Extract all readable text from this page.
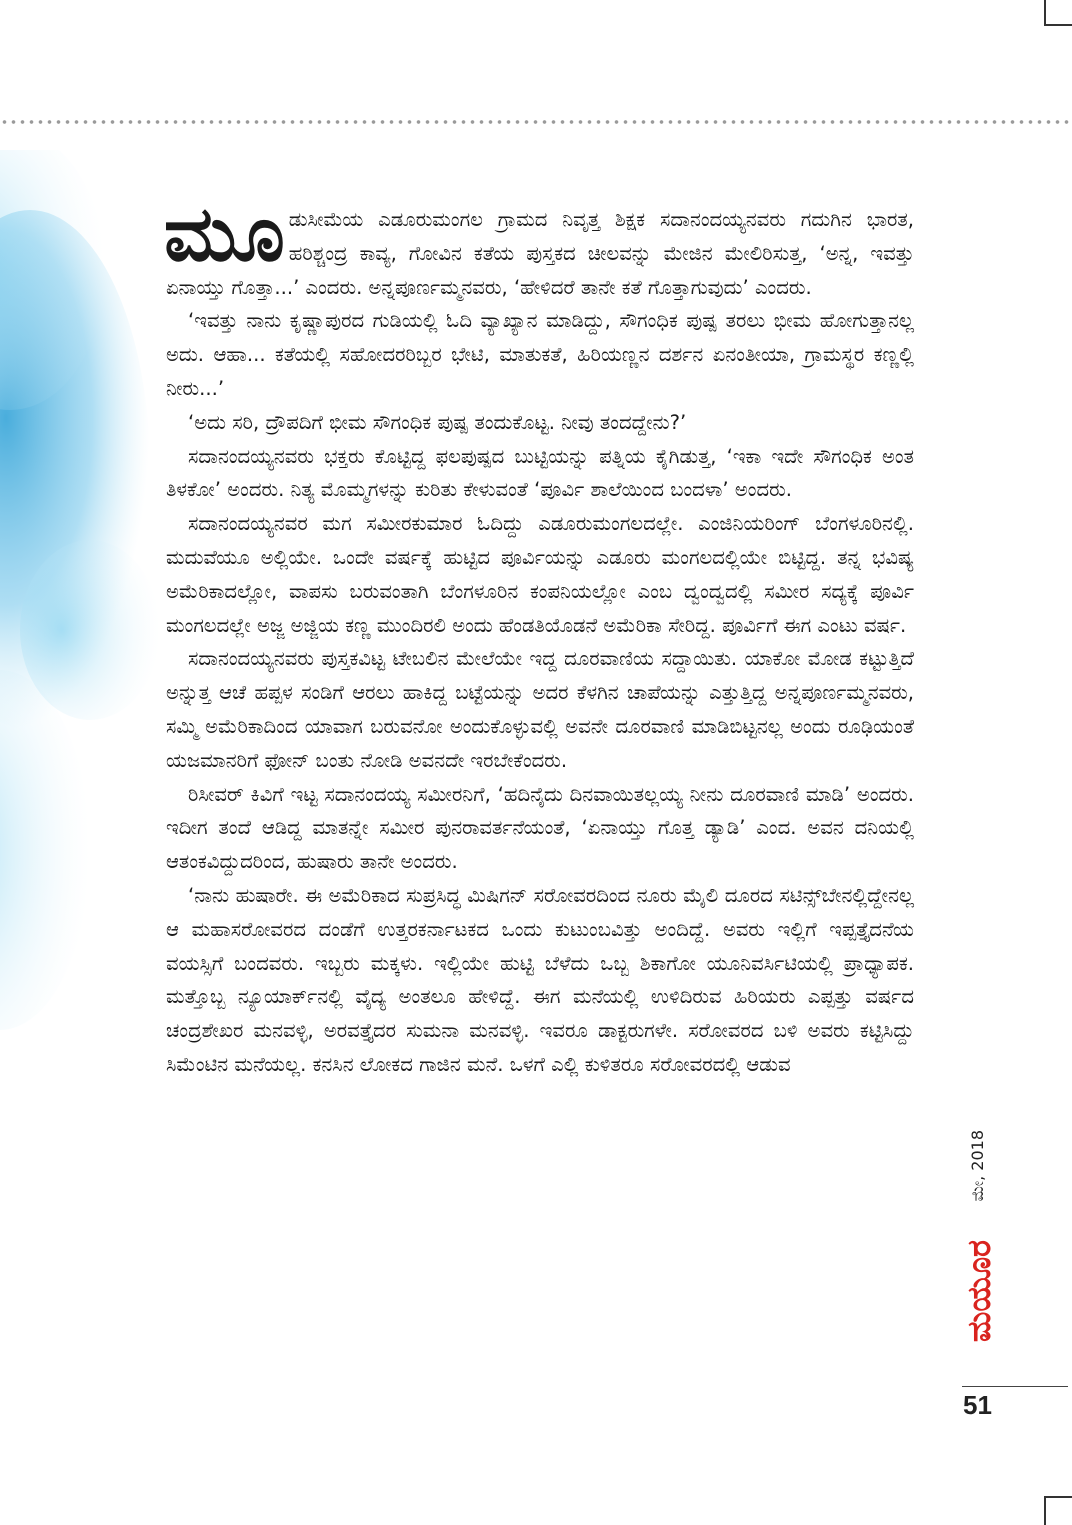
ಮೂಡುಸೀಮೆಯ ಎಡೂರುಮಂಗಲ ಗ್ರಾಮದ ನಿವೃತ್ತ ಶಿಕ್ಷಕ ಸದಾನಂದಯ್ಯನವರು ಗದುಗಿನ ಭಾರತ, ಹರಿಶ್ಚಂದ್ರ ಕಾವ್ಯ, ಗೋವಿನ ಕತೆಯ ಪುಸ್ತಕದ ಚೀಲವನ್ನು ಮೇಜಿನ ಮೇಲಿರಿಸುತ್ತ, ‘ಅನ್ನ, ಇವತ್ತು ಏನಾಯ್ತು ಗೊತ್ತಾ...’ ಎಂದರು. ಅನ್ನಪೂರ್ಣಮ್ಮನವರು, ‘ಹೇಳಿದರೆ ತಾನೇ ಕತೆ ಗೊತ್ತಾಗುವುದು’ ಎಂದರು.

‘ಇವತ್ತು ನಾನು ಕೃಷ್ಣಾಪುರದ ಗುಡಿಯಲ್ಲಿ ಓದಿ ವ್ಯಾಖ್ಯಾನ ಮಾಡಿದ್ದು, ಸೌಗಂಧಿಕ ಪುಷ್ಪ ತರಲು ಭೀಮ ಹೋಗುತ್ತಾನಲ್ಲ ಅದು. ಆಹಾ... ಕತೆಯಲ್ಲಿ ಸಹೋದರರಿಬ್ಬರ ಭೇಟಿ, ಮಾತುಕತೆ, ಹಿರಿಯಣ್ಣನ ದರ್ಶನ ಏನಂತೀಯಾ, ಗ್ರಾಮಸ್ಥರ ಕಣ್ಣಲ್ಲಿ ನೀರು...’

‘ಅದು ಸರಿ, ದ್ರೌಪದಿಗೆ ಭೀಮ ಸೌಗಂಧಿಕ ಪುಷ್ಪ ತಂದುಕೊಟ್ಟ. ನೀವು ತಂದದ್ದೇನು?’

ಸದಾನಂದಯ್ಯನವರು ಭಕ್ತರು ಕೊಟ್ಟಿದ್ದ ಫಲಪುಷ್ಪದ ಬುಟ್ಟಿಯನ್ನು ಪತ್ನಿಯ ಕೈಗಿಡುತ್ತ, ‘ಇಕಾ ಇದೇ ಸೌಗಂಧಿಕ ಅಂತ ತಿಳಕೋ’ ಅಂದರು. ನಿತ್ಯ ಮೊಮ್ಮಗಳನ್ನು ಕುರಿತು ಕೇಳುವಂತೆ ‘ಪೂರ್ವಿ ಶಾಲೆಯಿಂದ ಬಂದಳಾ’ ಅಂದರು.

ಸದಾನಂದಯ್ಯನವರ ಮಗ ಸಮೀರಕುಮಾರ ಓದಿದ್ದು ಎಡೂರುಮಂಗಲದಲ್ಲೇ. ಎಂಜಿನಿಯರಿಂಗ್ ಬೆಂಗಳೂರಿನಲ್ಲಿ. ಮದುವೆಯೂ ಅಲ್ಲಿಯೇ. ಒಂದೇ ವರ್ಷಕ್ಕೆ ಹುಟ್ಟಿದ ಪೂರ್ವಿಯನ್ನು ಎಡೂರು ಮಂಗಲದಲ್ಲಿಯೇ ಬಿಟ್ಟಿದ್ದ. ತನ್ನ ಭವಿಷ್ಯ ಅಮೆರಿಕಾದಲ್ಲೋ, ವಾಪಸು ಬರುವಂತಾಗಿ ಬೆಂಗಳೂರಿನ ಕಂಪನಿಯಲ್ಲೋ ಎಂಬ ದ್ವಂದ್ವದಲ್ಲಿ ಸಮೀರ ಸದ್ಯಕ್ಕೆ ಪೂರ್ವಿ ಮಂಗಲದಲ್ಲೇ ಅಜ್ಜ ಅಜ್ಜಿಯ ಕಣ್ಣ ಮುಂದಿರಲಿ ಅಂದು ಹೆಂಡತಿಯೊಡನೆ ಅಮೆರಿಕಾ ಸೇರಿದ್ದ. ಪೂರ್ವಿಗೆ ಈಗ ಎಂಟು ವರ್ಷ.

ಸದಾನಂದಯ್ಯನವರು ಪುಸ್ತಕವಿಟ್ಟ ಟೇಬಲಿನ ಮೇಲೆಯೇ ಇದ್ದ ದೂರವಾಣಿಯ ಸದ್ದಾಯಿತು. ಯಾಕೋ ಮೋಡ ಕಟ್ಟುತ್ತಿದೆ ಅನ್ನುತ್ತ ಆಚೆ ಹಪ್ಪಳ ಸಂಡಿಗೆ ಆರಲು ಹಾಕಿದ್ದ ಬಟ್ಟೆಯನ್ನು ಅದರ ಕೆಳಗಿನ ಚಾಪೆಯನ್ನು ಎತ್ತುತ್ತಿದ್ದ ಅನ್ನಪೂರ್ಣಮ್ಮನವರು, ಸಮ್ಮಿ ಅಮೆರಿಕಾದಿಂದ ಯಾವಾಗ ಬರುವನೋ ಅಂದುಕೊಳ್ಳುವಲ್ಲಿ ಅವನೇ ದೂರವಾಣಿ ಮಾಡಿಬಿಟ್ಟನಲ್ಲ ಅಂದು ರೂಢಿಯಂತೆ ಯಜಮಾನರಿಗೆ ಫೋನ್ ಬಂತು ನೋಡಿ ಅವನದೇ ಇರಬೇಕೆಂದರು.

ರಿಸೀವರ್ ಕಿವಿಗೆ ಇಟ್ಟ ಸದಾನಂದಯ್ಯ ಸಮೀರನಿಗೆ, ‘ಹದಿನೈದು ದಿನವಾಯಿತಲ್ಲಯ್ಯ ನೀನು ದೂರವಾಣಿ ಮಾಡಿ’ ಅಂದರು. ಇದೀಗ ತಂದೆ ಆಡಿದ್ದ ಮಾತನ್ನೇ ಸಮೀರ ಪುನರಾವರ್ತನೆಯಂತೆ, ‘ಏನಾಯ್ತು ಗೊತ್ತ ಡ್ಯಾಡಿ’ ಎಂದ. ಅವನ ದನಿಯಲ್ಲಿ ಆತಂಕವಿದ್ದುದರಿಂದ, ಹುಷಾರು ತಾನೇ ಅಂದರು.

‘ನಾನು ಹುಷಾರೇ. ಈ ಅಮೆರಿಕಾದ ಸುಪ್ರಸಿದ್ಧ ಮಿಷಿಗನ್ ಸರೋವರದಿಂದ ನೂರು ಮೈಲಿ ದೂರದ ಸಟಿನ್ಸ್‌ಬೇನಲ್ಲಿದ್ದೇನಲ್ಲ ಆ ಮಹಾಸರೋವರದ ದಂಡೆಗೆ ಉತ್ತರಕರ್ನಾಟಕದ ಒಂದು ಕುಟುಂಬವಿತ್ತು ಅಂದಿದ್ದೆ. ಅವರು ಇಲ್ಲಿಗೆ ಇಪ್ಪತ್ತೈದನೆಯ ವಯಸ್ಸಿಗೆ ಬಂದವರು. ಇಬ್ಬರು ಮಕ್ಕಳು. ಇಲ್ಲಿಯೇ ಹುಟ್ಟಿ ಬೆಳೆದು ಒಬ್ಬ ಶಿಕಾಗೋ ಯೂನಿವರ್ಸಿಟಿಯಲ್ಲಿ ಪ್ರಾಧ್ಯಾಪಕ. ಮತ್ತೊಬ್ಬ ನ್ಯೂಯಾರ್ಕ್‌ನಲ್ಲಿ ವೈದ್ಯ ಅಂತಲೂ ಹೇಳಿದ್ದೆ. ಈಗ ಮನೆಯಲ್ಲಿ ಉಳಿದಿರುವ ಹಿರಿಯರು ಎಪ್ಪತ್ತು ವರ್ಷದ ಚಂದ್ರಶೇಖರ ಮನವಳ್ಳಿ, ಅರವತ್ತೈದರ ಸುಮನಾ ಮನವಳ್ಳಿ. ಇವರೂ ಡಾಕ್ಟರುಗಳೇ. ಸರೋವರದ ಬಳಿ ಅವರು ಕಟ್ಟಿಸಿದ್ದು ಸಿಮೆಂಟಿನ ಮನೆಯಲ್ಲ. ಕನಸಿನ ಲೋಕದ ಗಾಜಿನ ಮನೆ. ಒಳಗೆ ಎಲ್ಲಿ ಕುಳಿತರೂ ಸರೋವರದಲ್ಲಿ ಆಡುವ

ಮೇ, 2018
ಮಯೂರ
51
